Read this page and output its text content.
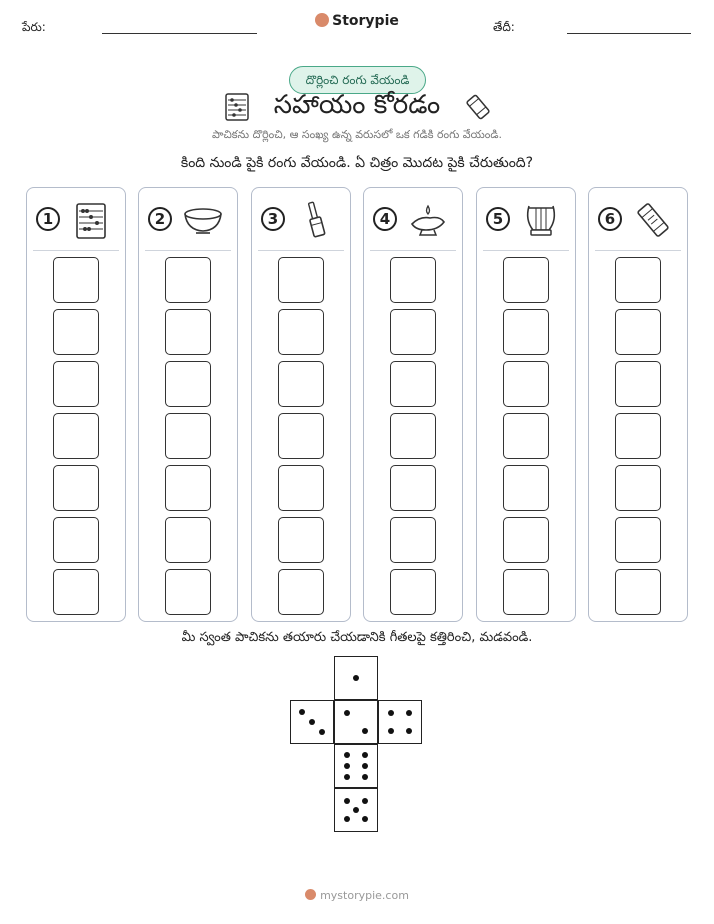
పేరు:	Storypie	తేదీ:
దొర్లించి రంగు వేయండి
సహాయం కోరడం
పాచికను దొర్లించి, ఆ సంఖ్య ఉన్న వరుసలో ఒక గడికి రంగు వేయండి.
కింది నుండి పైకి రంగు వేయండి. ఏ చిత్రం మొదట పైకి చేరుతుంది?
1	2	3	4	5	6
మీ స్వంత పాచికను తయారు చేయడానికి గీతలపై కత్తిరించి, మడవండి.
mystorypie.com
